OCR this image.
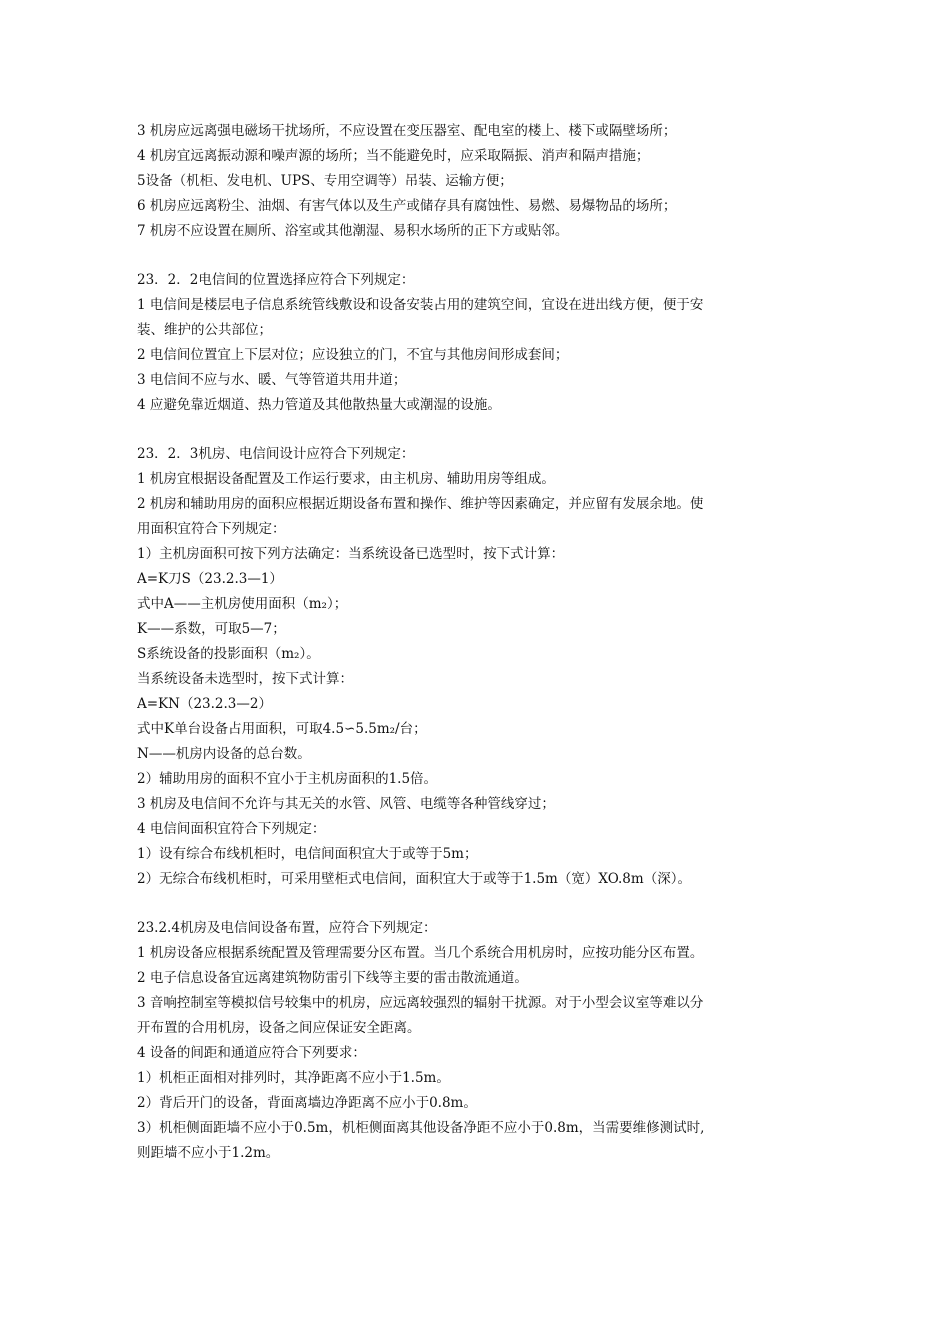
3 机房应远离强电磁场干扰场所，不应设置在变压器室、配电室的楼上、楼下或隔壁场所；
4 机房宜远离振动源和噪声源的场所；当不能避免时，应采取隔振、消声和隔声措施；
5设备（机柜、发电机、UPS、专用空调等）吊装、运输方便；
6 机房应远离粉尘、油烟、有害气体以及生产或储存具有腐蚀性、易燃、易爆物品的场所；
7 机房不应设置在厕所、浴室或其他潮湿、易积水场所的正下方或贴邻。
23．2．2电信间的位置选择应符合下列规定：
1 电信间是楼层电子信息系统管线敷设和设备安装占用的建筑空间，宜设在进出线方便，便于安
装、维护的公共部位；
2 电信间位置宜上下层对位；应设独立的门，不宜与其他房间形成套间；
3 电信间不应与水、暖、气等管道共用井道；
4 应避免靠近烟道、热力管道及其他散热量大或潮湿的设施。
23．2．3机房、电信间设计应符合下列规定：
1 机房宜根据设备配置及工作运行要求，由主机房、辅助用房等组成。
2 机房和辅助用房的面积应根据近期设备布置和操作、维护等因素确定，并应留有发展余地。使
用面积宜符合下列规定：
1）主机房面积可按下列方法确定：当系统设备已选型时，按下式计算：
A=K刀S（23.2.3—1）
式中A——主机房使用面积（m₂）；
K——系数，可取5—7；
S系统设备的投影面积（m₂）。
当系统设备未选型时，按下式计算：
A=KN（23.2.3—2）
式中K单台设备占用面积，可取4.5∽5.5m₂/台；
N——机房内设备的总台数。
2）辅助用房的面积不宜小于主机房面积的1.5倍。
3 机房及电信间不允许与其无关的水管、风管、电缆等各种管线穿过；
4 电信间面积宜符合下列规定：
1）设有综合布线机柜时，电信间面积宜大于或等于5m；
2）无综合布线机柜时，可采用壁柜式电信间，面积宜大于或等于1.5m（宽）XO.8m（深）。
23.2.4机房及电信间设备布置，应符合下列规定：
1 机房设备应根据系统配置及管理需要分区布置。当几个系统合用机房时，应按功能分区布置。
2 电子信息设备宜远离建筑物防雷引下线等主要的雷击散流通道。
3 音响控制室等模拟信号较集中的机房，应远离较强烈的辐射干扰源。对于小型会议室等难以分
开布置的合用机房，设备之间应保证安全距离。
4 设备的间距和通道应符合下列要求：
1）机柜正面相对排列时，其净距离不应小于1.5m。
2）背后开门的设备，背面离墙边净距离不应小于0.8m。
3）机柜侧面距墙不应小于0.5m，机柜侧面离其他设备净距不应小于0.8m，当需要维修测试时,
则距墙不应小于1.2m。
